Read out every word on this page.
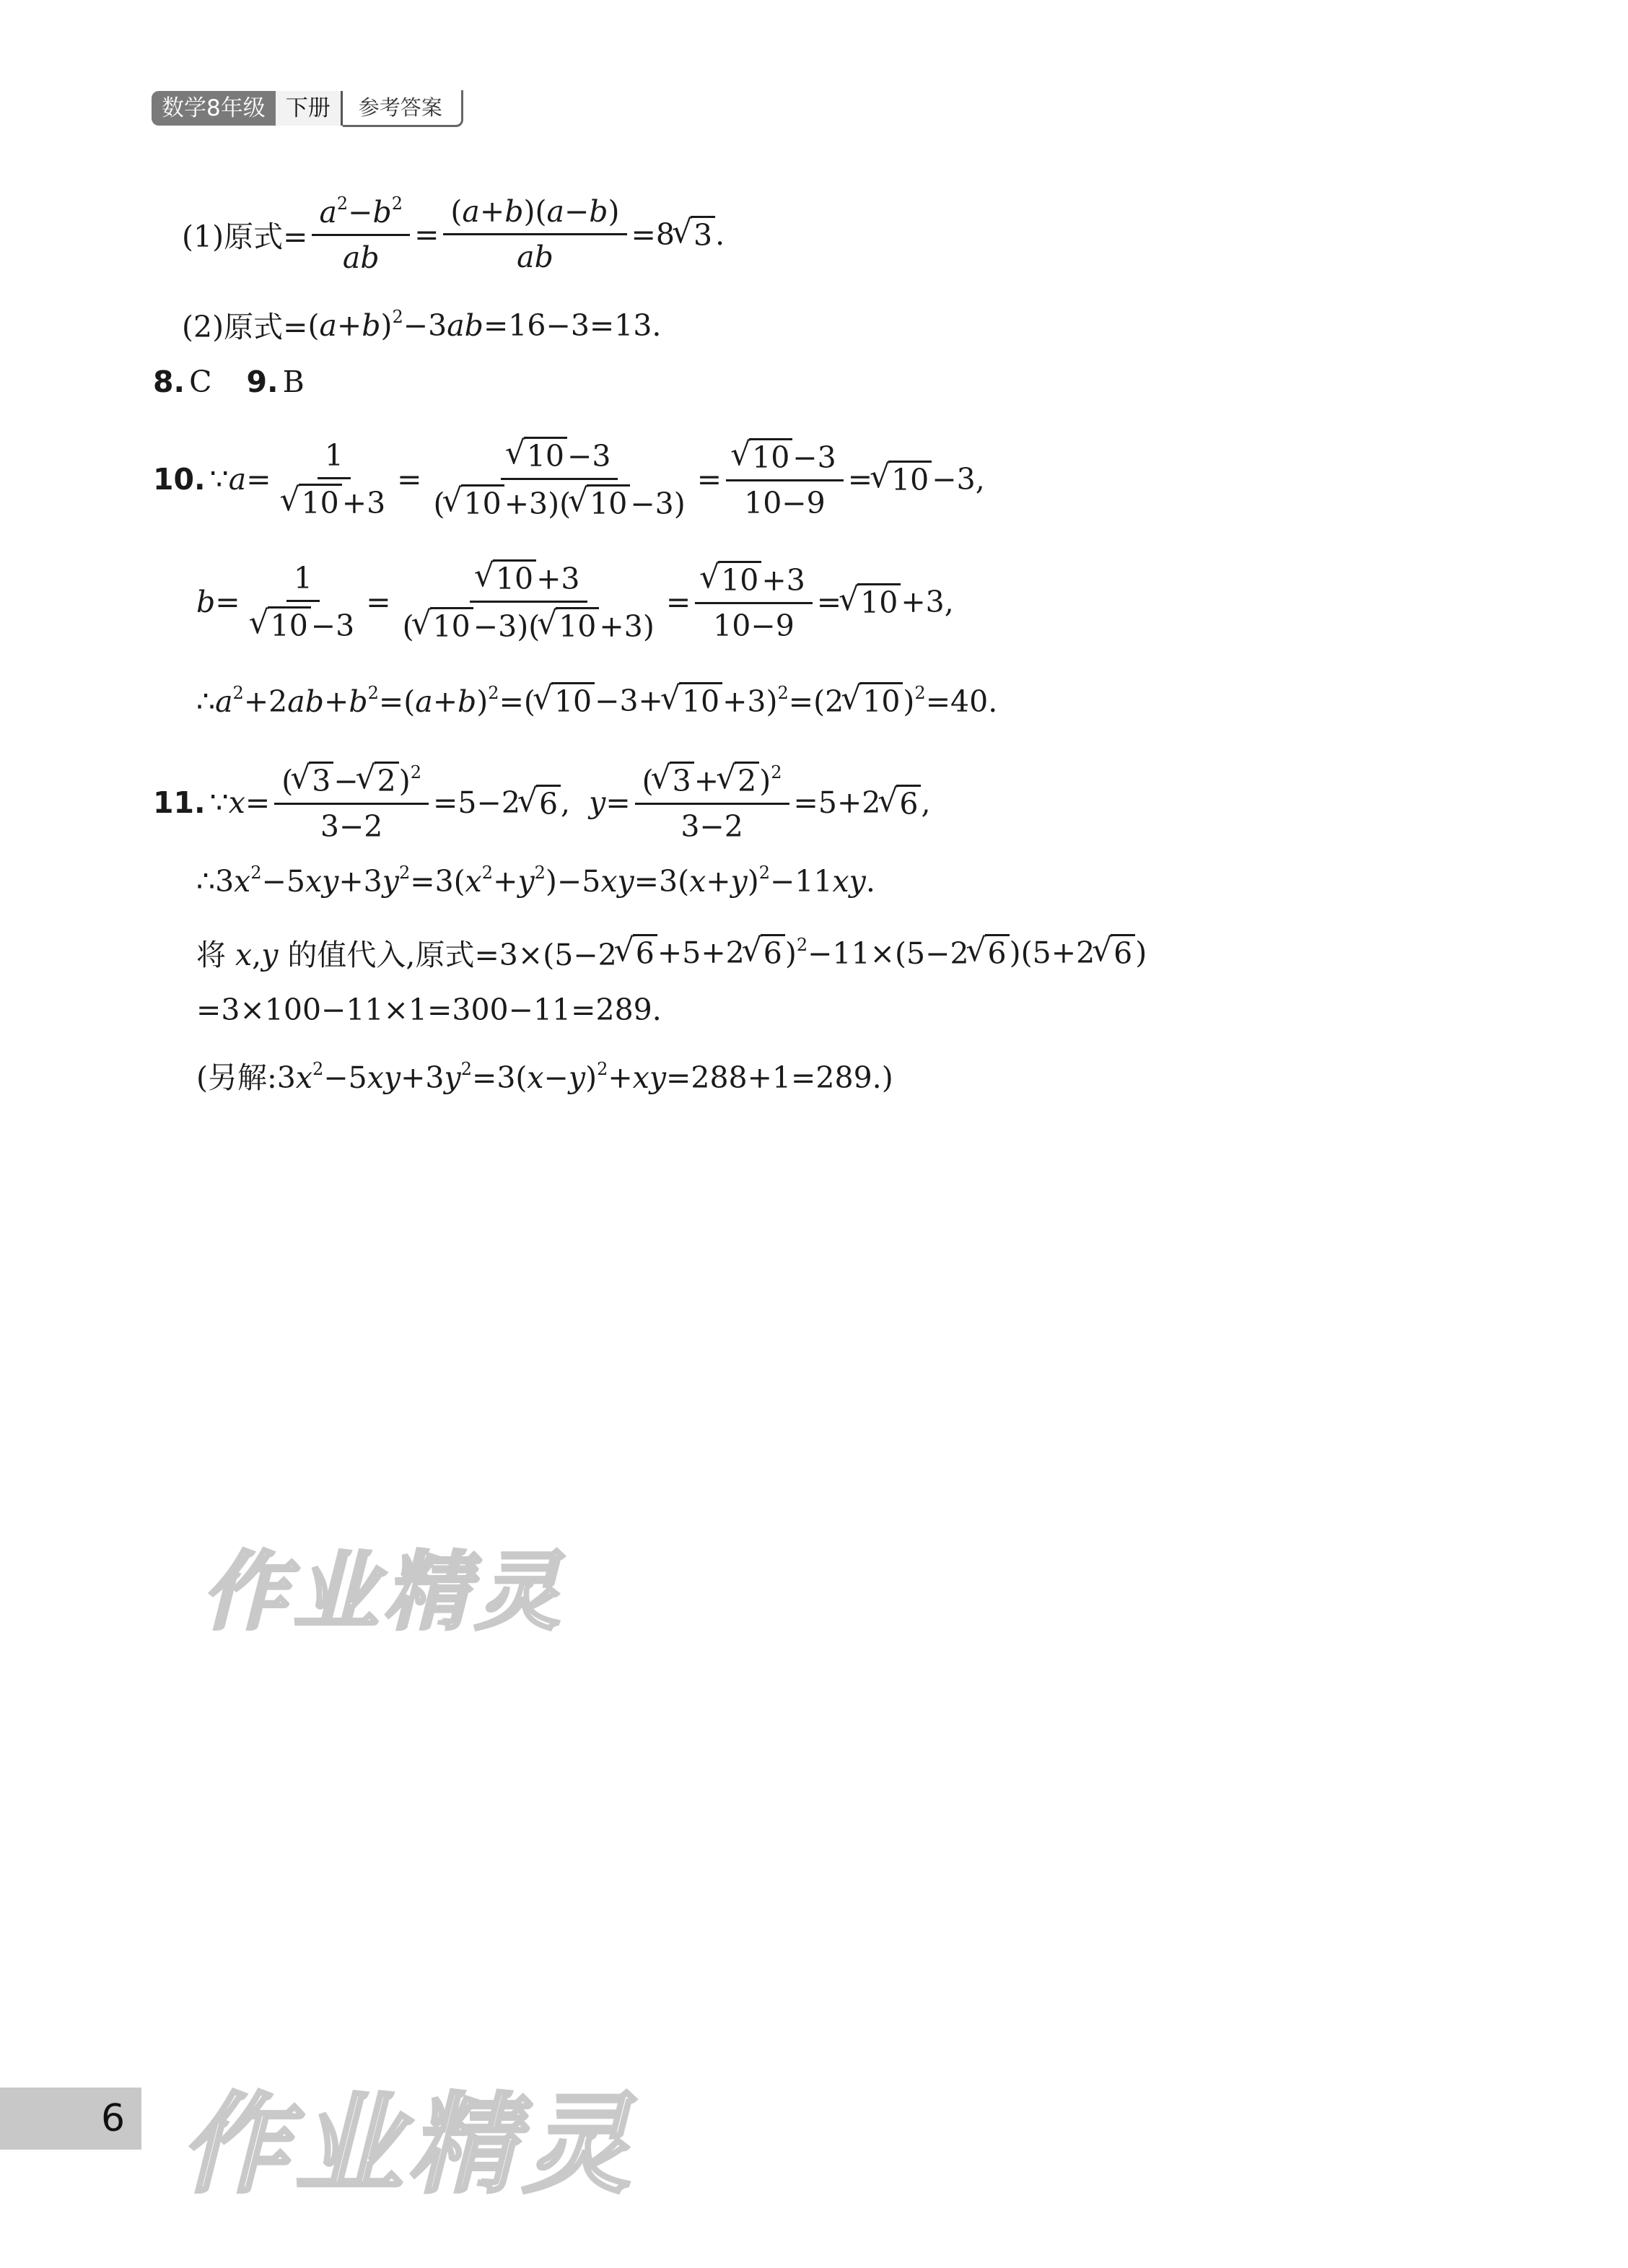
数学8年级 下册	参考答案
(1)原式= $\frac{a^2-b^2}{ab} = \frac{(a+b)(a-b)}{ab} =8$ √ 3 .
(2)原式= $(a+b)^2-3ab=16-3=13$.
8. C 9. B
10. ∵a= 1
√ 10+3 = √ $\frac{10-3}{( √ 10+3)( √ 10-3)}$ = √ $\frac{10-3}{10-9}$ = √ 10 −3,
b= 1
√ 10−3 = √ $\frac{10+3}{( √ 10-3)( √ 10+3)}$ = √ $\frac{10+3}{10-9}$ = √ 10 +3,
$\therefore a^2+2ab+b^2=(a+b)^2=$( √ 10 −3+ √ 10 +3)$^2$=(2 √ 10 )$^2$=40.
11. ∵x= $\frac{( √ 3- √ 2)^2}{3-2} =5-2$ √ 6 ,  $y= \frac{( √ 3+ √ 2)^2}{3-2} =5+2$ √ 6 ,
$\therefore 3x^2-5xy+3y^2=3(x^2+y^2)-5xy=3(x+y)^2-11xy$.
将 x,y 的值代入,原式=3×(5−2 √ 6 +5+2 √ 6 )$^2$−11×(5−2 √ 6 )(5+2 √ 6 )
=3×100−11×1=300−11=289.
(另解$:3x^2-5xy+3y^2=3(x-y)^2+xy=288+1=289$.)
作业精灵
作业精灵
6
